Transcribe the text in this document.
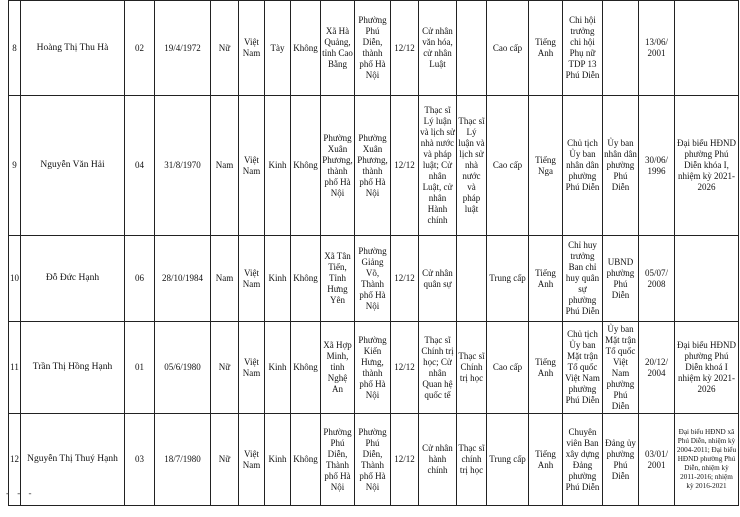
8	Hoàng Thị Thu Hà	02	19/4/1972	Nữ	Việt Nam	Tày	Không	Xã Hà Quảng, tỉnh Cao Bằng	Phường Phú Diễn, thành phố Hà Nội	12/12	Cử nhân văn hóa, cử nhân Luật		Cao cấp	Tiếng Anh	Chi hội trưởng chi hội Phụ nữ TDP 13 Phú Diễn		13/06/ 2001	
9	Nguyễn Văn Hải	04	31/8/1970	Nam	Việt Nam	Kinh	Không	Phường Xuân Phương, thành phố Hà Nội	Phường Xuân Phương, thành phố Hà Nội	12/12	Thạc sĩ Lý luận và lịch sử nhà nước và pháp luật; Cử nhân Luật, cử nhân Hành chính	Thạc sĩ Lý luận và lịch sử nhà nước và pháp luật	Cao cấp	Tiếng Nga	Chủ tịch Ủy ban nhân dân phường Phú Diễn	Ủy ban nhân dân phường Phú Diễn	30/06/ 1996	Đại biểu HĐND phường Phú Diễn khóa I, nhiệm kỳ 2021-2026
10	Đỗ Đức Hạnh	06	28/10/1984	Nam	Việt Nam	Kinh	Không	Xã Tân Tiến, Tỉnh Hưng Yên	Phường Giảng Võ, Thành phố Hà Nội	12/12	Cử nhân quân sự		Trung cấp	Tiếng Anh	Chỉ huy trưởng Ban chỉ huy quân sự phường Phú Diễn	UBND phường Phú Diễn	05/07/ 2008	
11	Trần Thị Hồng Hạnh	01	05/6/1980	Nữ	Việt Nam	Kinh	Không	Xã Hợp Minh, tỉnh Nghệ An	Phường Kiến Hưng, thành phố Hà Nội	12/12	Thạc sĩ Chính trị học; Cử nhân Quan hệ quốc tế	Thạc sĩ Chính trị học	Cao cấp	Tiếng Anh	Chủ tịch Ủy ban Mặt trận Tổ quốc Việt Nam phường Phú Diễn	Ủy ban Mặt trận Tổ quốc Việt Nam phường Phú Diễn	20/12/ 2004	Đại biểu HĐND phường Phú Diễn khoá I nhiệm kỳ 2021-2026
12	Nguyễn Thị Thuý Hạnh	03	18/7/1980	Nữ	Việt Nam	Kinh	Không	Phường Phú Diễn, Thành phố Hà Nội	Phường Phú Diễn, Thành phố Hà Nội	12/12	Cử nhân hành chính	Thạc sĩ chính trị học	Trung cấp	Tiếng Anh	Chuyên viên Ban xây dựng Đảng phường Phú Diễn	Đảng ủy phường Phú Diễn	03/01/ 2001	Đại biểu HĐND xã Phú Diễn, nhiệm kỳ 2004-2011; Đại biểu HĐND phường Phú Diễn, nhiệm kỳ 2011-2016; nhiệm kỳ 2016-2021
- - -
